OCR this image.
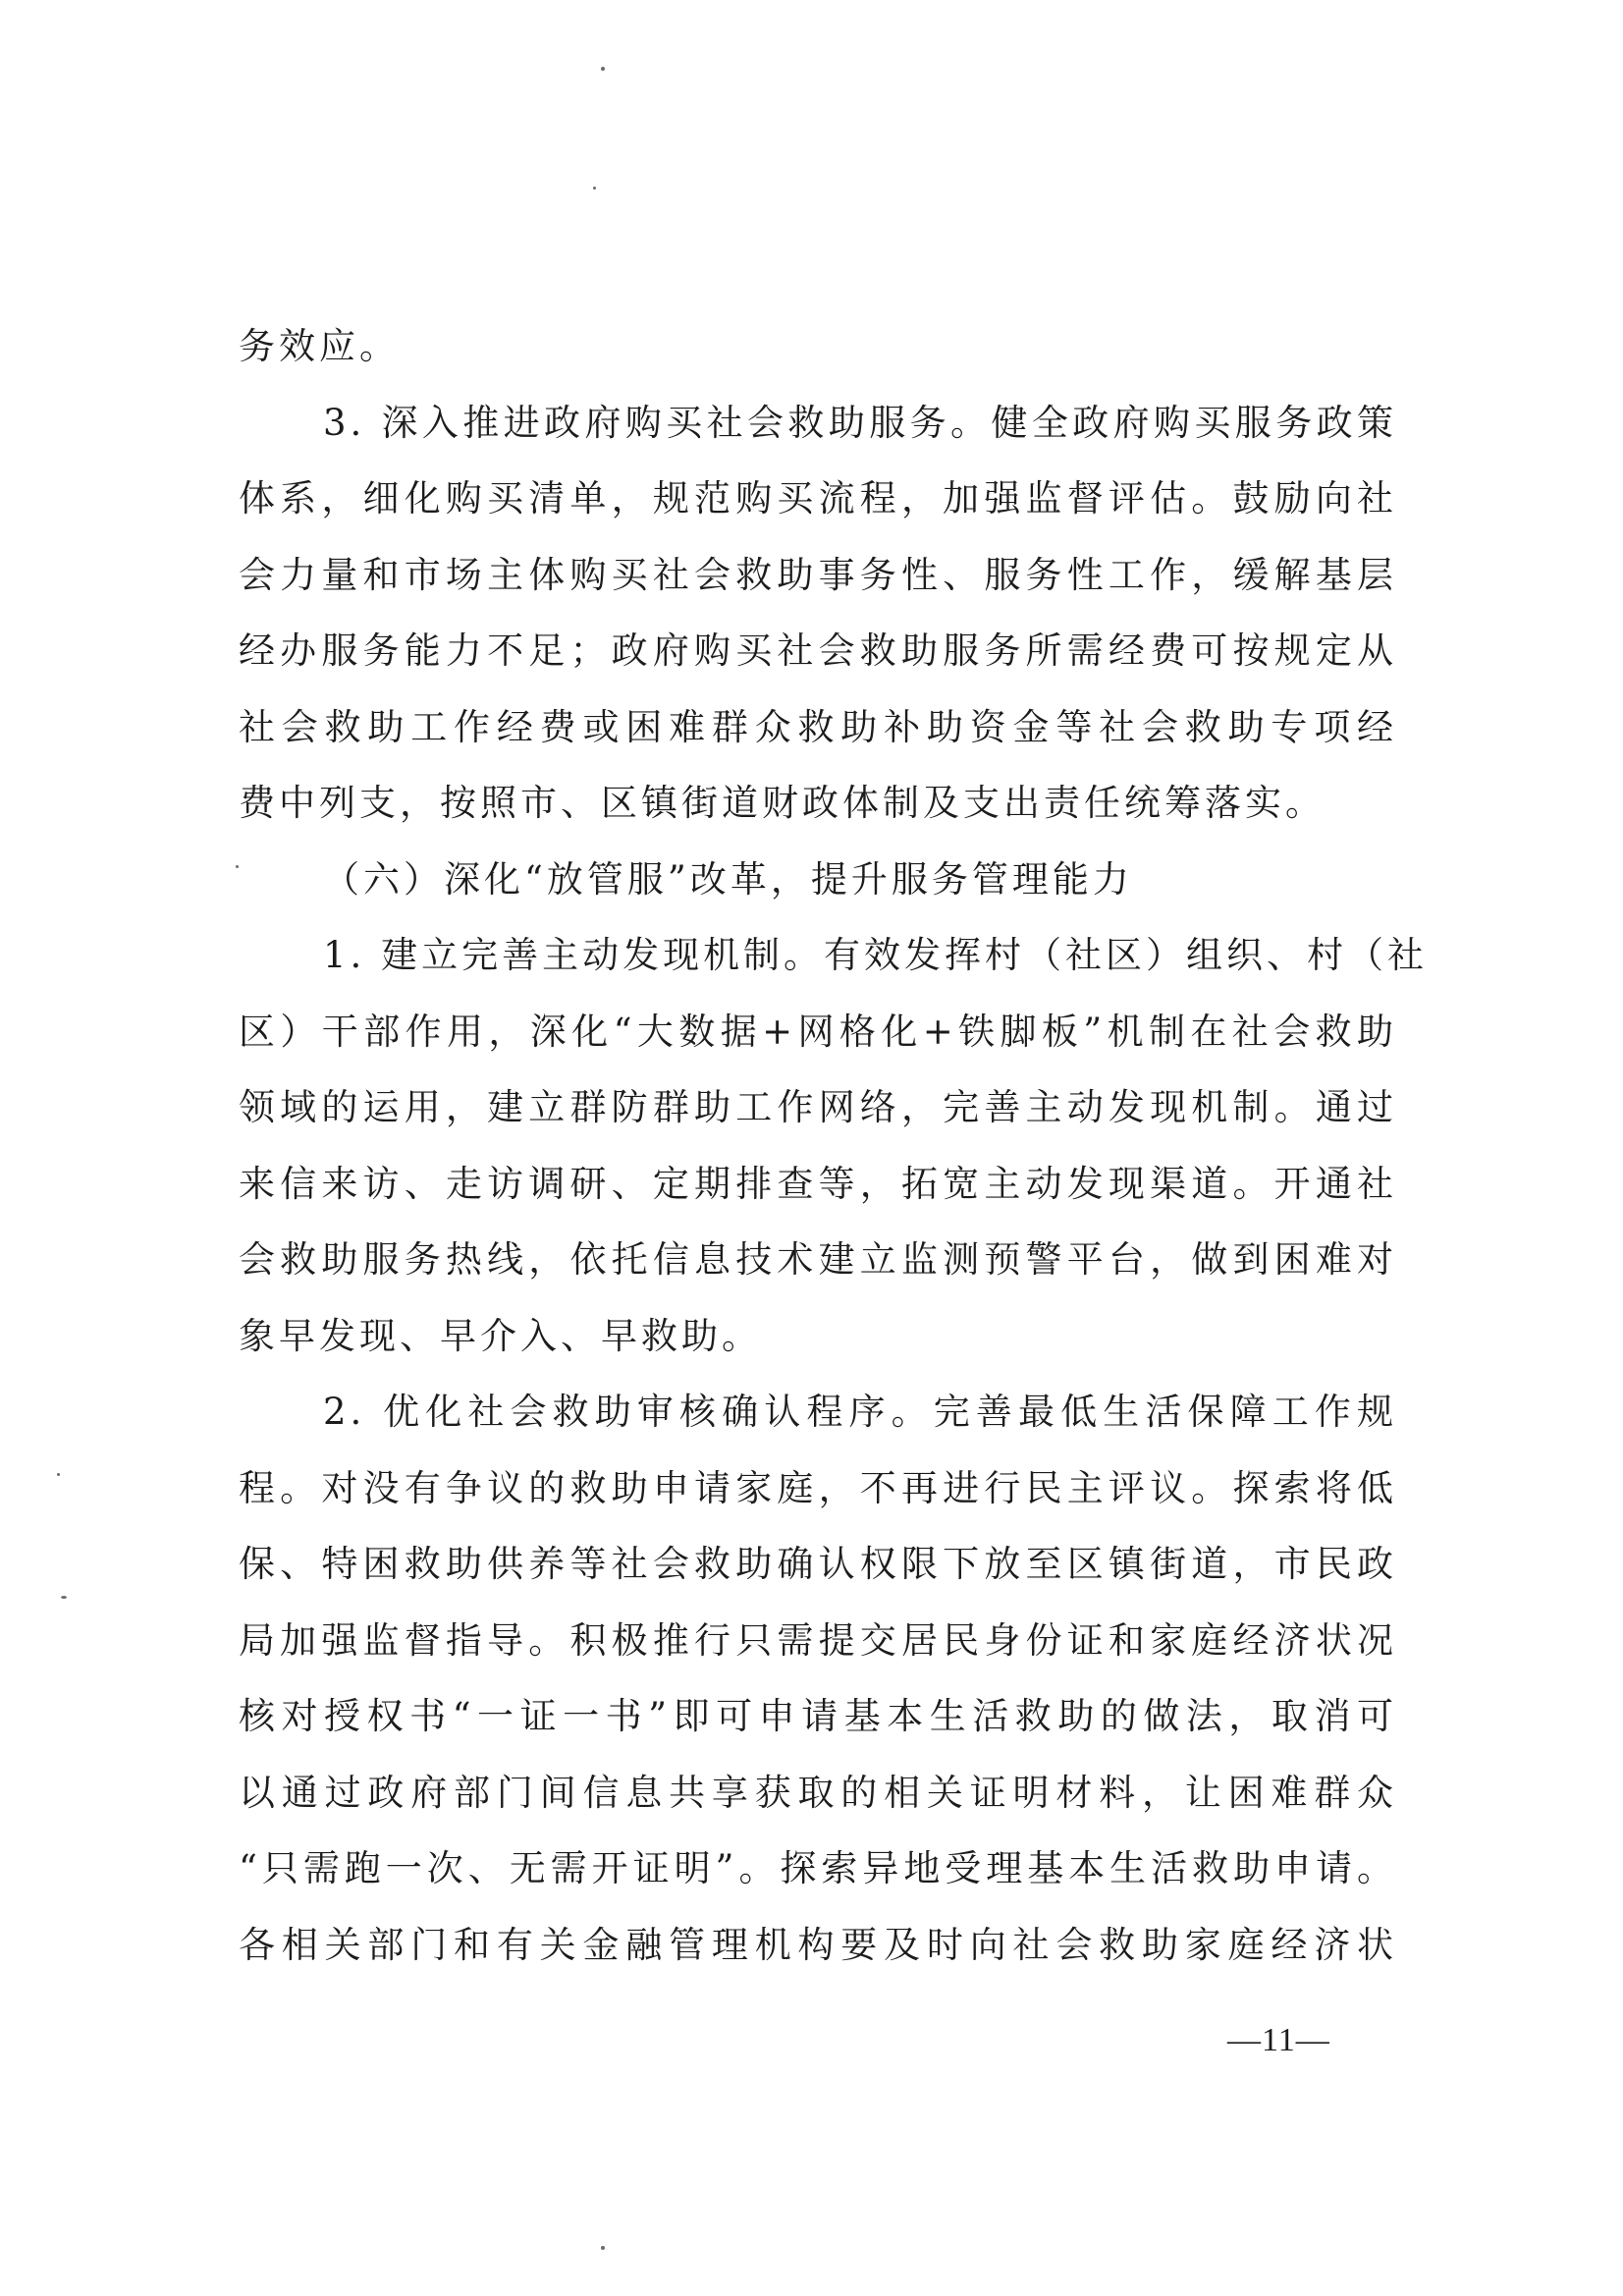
务效应。
3. 深入推进政府购买社会救助服务。健全政府购买服务政策
体系，细化购买清单，规范购买流程，加强监督评估。鼓励向社
会力量和市场主体购买社会救助事务性、服务性工作，缓解基层
经办服务能力不足；政府购买社会救助服务所需经费可按规定从
社会救助工作经费或困难群众救助补助资金等社会救助专项经
费中列支，按照市、区镇街道财政体制及支出责任统筹落实。
（六）深化“放管服”改革，提升服务管理能力
1. 建立完善主动发现机制。有效发挥村（社区）组织、村（社
区）干部作用，深化“大数据+网格化+铁脚板”机制在社会救助
领域的运用，建立群防群助工作网络，完善主动发现机制。通过
来信来访、走访调研、定期排查等，拓宽主动发现渠道。开通社
会救助服务热线，依托信息技术建立监测预警平台，做到困难对
象早发现、早介入、早救助。
2. 优化社会救助审核确认程序。完善最低生活保障工作规
程。对没有争议的救助申请家庭，不再进行民主评议。探索将低
保、特困救助供养等社会救助确认权限下放至区镇街道，市民政
局加强监督指导。积极推行只需提交居民身份证和家庭经济状况
核对授权书“一证一书”即可申请基本生活救助的做法，取消可
以通过政府部门间信息共享获取的相关证明材料，让困难群众
“只需跑一次、无需开证明”。探索异地受理基本生活救助申请。
各相关部门和有关金融管理机构要及时向社会救助家庭经济状
—11—
